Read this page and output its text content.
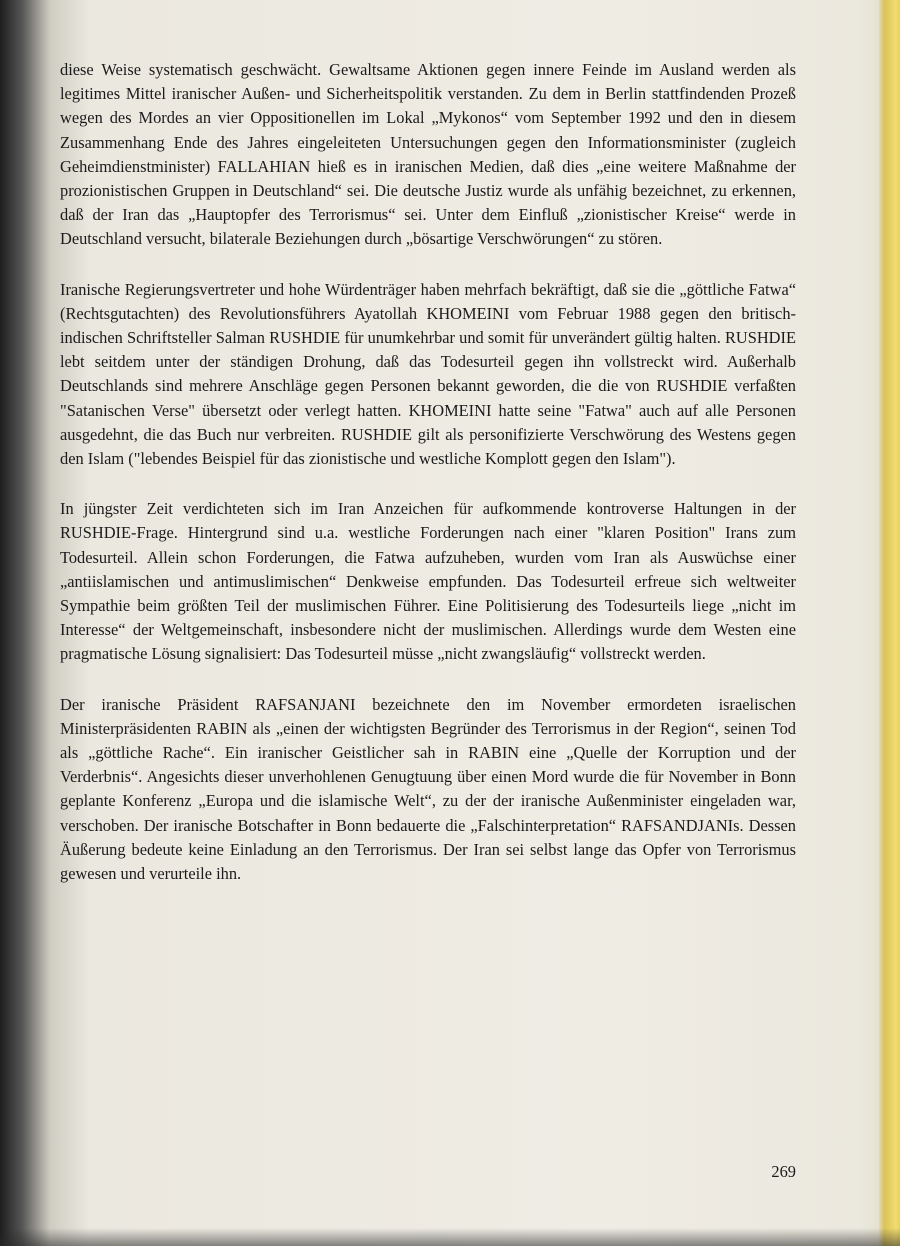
diese Weise systematisch geschwächt. Gewaltsame Aktionen gegen innere Feinde im Ausland werden als legitimes Mittel iranischer Außen- und Sicherheitspolitik verstanden. Zu dem in Berlin stattfindenden Prozeß wegen des Mordes an vier Oppositionellen im Lokal „Mykonos“ vom September 1992 und den in diesem Zusammenhang Ende des Jahres eingeleiteten Untersuchungen gegen den Informationsminister (zugleich Geheimdienstminister) FALLAHIAN hieß es in iranischen Medien, daß dies „eine weitere Maßnahme der prozionistischen Gruppen in Deutschland“ sei. Die deutsche Justiz wurde als unfähig bezeichnet, zu erkennen, daß der Iran das „Hauptopfer des Terrorismus“ sei. Unter dem Einfluß „zionistischer Kreise“ werde in Deutschland versucht, bilaterale Beziehungen durch „bösartige Verschwörungen“ zu stören.

Iranische Regierungsvertreter und hohe Würdenträger haben mehrfach bekräftigt, daß sie die „göttliche Fatwa“ (Rechtsgutachten) des Revolutionsführers Ayatollah KHOMEINI vom Februar 1988 gegen den britisch-indischen Schriftsteller Salman RUSHDIE für unumkehrbar und somit für unverändert gültig halten. RUSHDIE lebt seitdem unter der ständigen Drohung, daß das Todesurteil gegen ihn vollstreckt wird. Außerhalb Deutschlands sind mehrere Anschläge gegen Personen bekannt geworden, die die von RUSHDIE verfaßten "Satanischen Verse" übersetzt oder verlegt hatten. KHOMEINI hatte seine "Fatwa" auch auf alle Personen ausgedehnt, die das Buch nur verbreiten. RUSHDIE gilt als personifizierte Verschwörung des Westens gegen den Islam ("lebendes Beispiel für das zionistische und westliche Komplott gegen den Islam").

In jüngster Zeit verdichteten sich im Iran Anzeichen für aufkommende kontroverse Haltungen in der RUSHDIE-Frage. Hintergrund sind u.a. westliche Forderungen nach einer "klaren Position" Irans zum Todesurteil. Allein schon Forderungen, die Fatwa aufzuheben, wurden vom Iran als Auswüchse einer „antiislamischen und antimuslimischen“ Denkweise empfunden. Das Todesurteil erfreue sich weltweiter Sympathie beim größten Teil der muslimischen Führer. Eine Politisierung des Todesurteils liege „nicht im Interesse“ der Weltgemeinschaft, insbesondere nicht der muslimischen. Allerdings wurde dem Westen eine pragmatische Lösung signalisiert: Das Todesurteil müsse „nicht zwangsläufig“ vollstreckt werden.

Der iranische Präsident RAFSANJANI bezeichnete den im November ermordeten israelischen Ministerpräsidenten RABIN als „einen der wichtigsten Begründer des Terrorismus in der Region“, seinen Tod als „göttliche Rache“. Ein iranischer Geistlicher sah in RABIN eine „Quelle der Korruption und der Verderbnis“. Angesichts dieser unverhohlenen Genugtuung über einen Mord wurde die für November in Bonn geplante Konferenz „Europa und die islamische Welt“, zu der der iranische Außenminister eingeladen war, verschoben. Der iranische Botschafter in Bonn bedauerte die „Falschinterpretation“ RAFSANDJANIs. Dessen Äußerung bedeute keine Einladung an den Terrorismus. Der Iran sei selbst lange das Opfer von Terrorismus gewesen und verurteile ihn.

269
